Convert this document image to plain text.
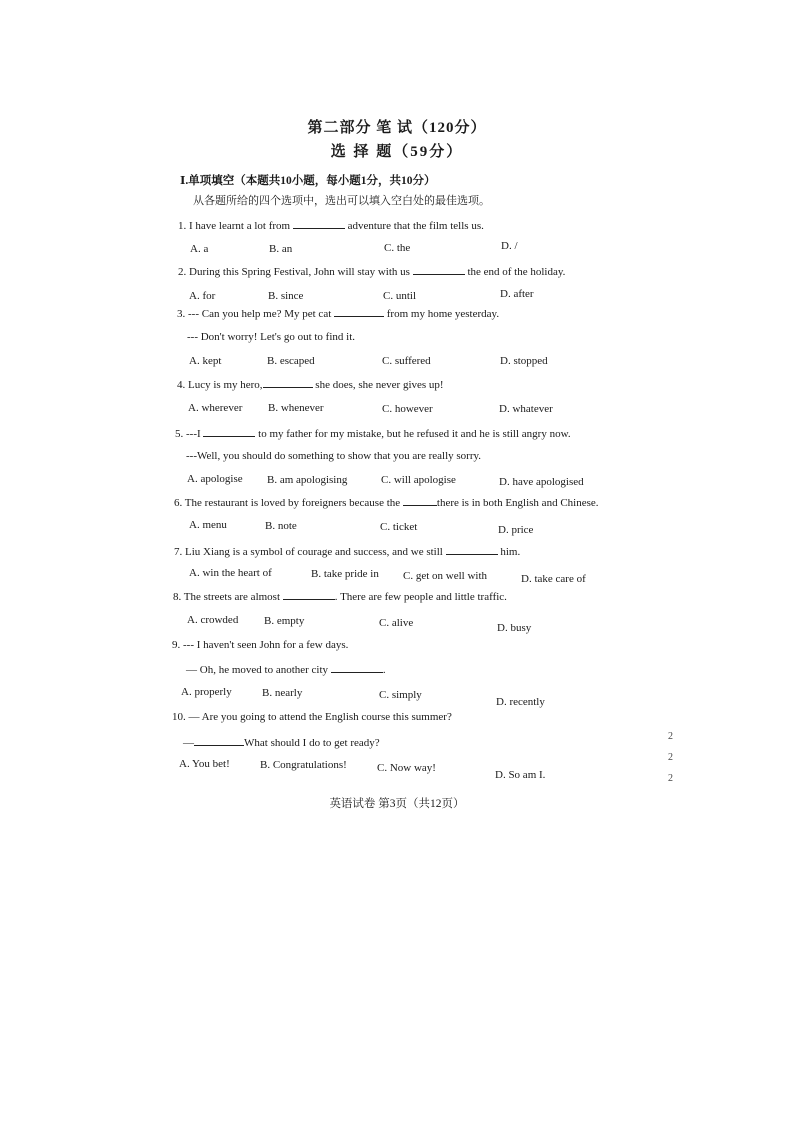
第二部分 笔 试（120分）
选 择 题（59分）
Ⅰ.单项填空（本题共10小题，每小题1分，共10分）
从各题所给的四个选项中，选出可以填入空白处的最佳选项。
1. I have learnt a lot from	adventure that the film tells us.
A. a	B. an	C. the	D. /
2. During this Spring Festival, John will stay with us	the end of the holiday.
A. for	B. since	C. until	D. after
3. --- Can you help me? My pet cat	from my home yesterday.
--- Don't worry! Let's go out to find it.
A. kept	B. escaped	C. suffered	D. stopped
4. Lucy is my hero,	she does, she never gives up!
A. wherever B. whenever	C. however	D. whatever
5. ---I	to my father for my mistake, but he refused it and he is still angry now.
---Well, you should do something to show that you are really sorry.
A. apologise B. am apologising	C. will apologise	D. have apologised
6. The restaurant is loved by foreigners because the	there is in both English and Chinese.
A. menu	B. note	C. ticket	D. price
7. Liu Xiang is a symbol of courage and success, and we still	him.
A. win the heart of	B. take pride in C. get on well with	D. take care of
8. The streets are almost	. There are few people and little traffic.
A. crowded B. empty	C. alive	D. busy
9. --- I haven't seen John for a few days.
— Oh, he moved to another city	.
A. properly	B. nearly	C. simply
D. recently
10. — Are you going to attend the English course this summer?
—	What should I do to get ready?
A. You bet!	B. Congratulations!	C. Now way!
D. So am I.
英语试卷 第3页（共12页）
2
2
2
